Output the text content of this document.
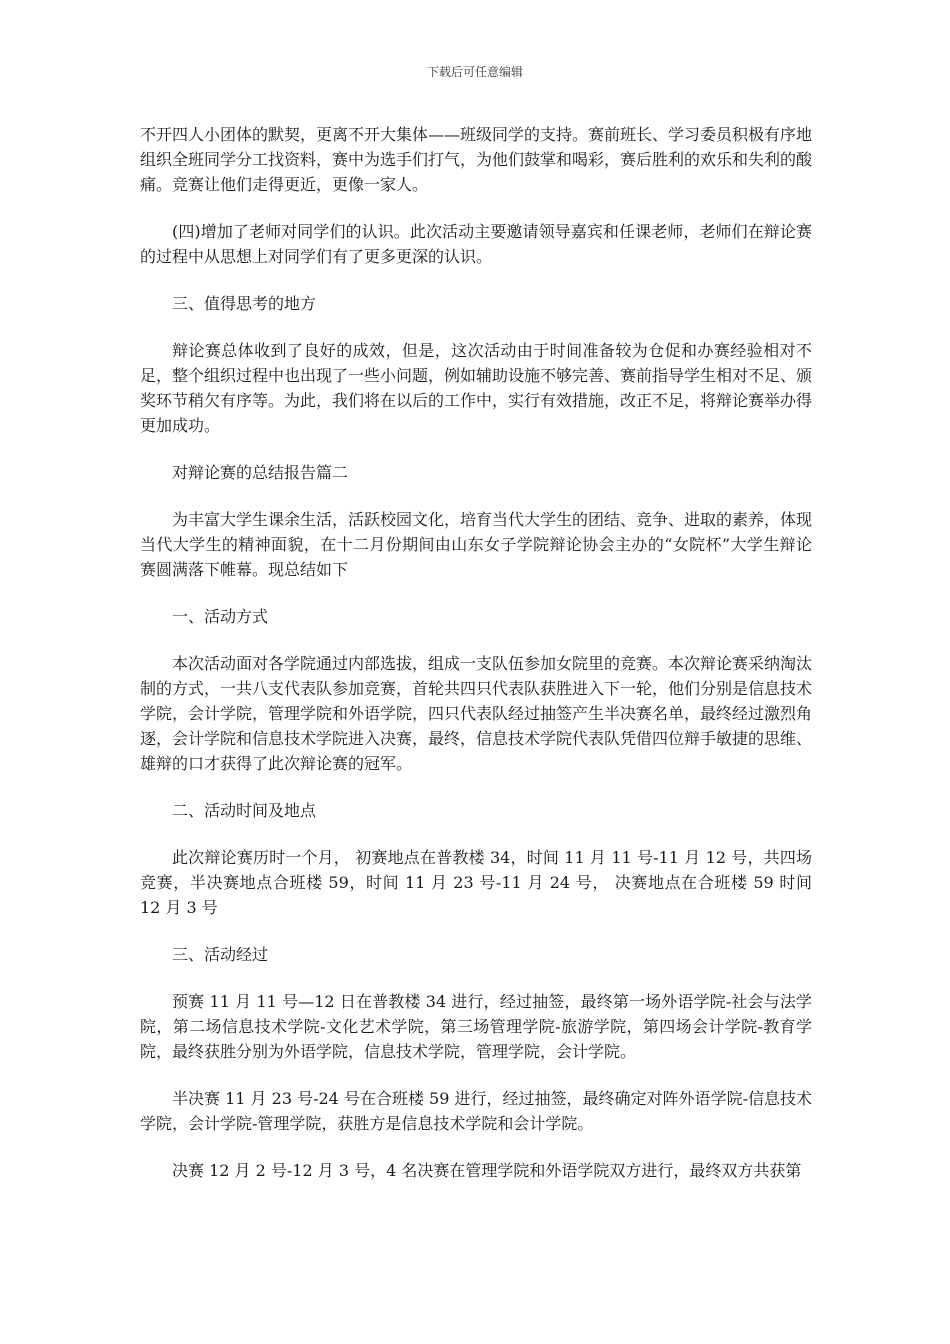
下载后可任意编辑

不开四人小团体的默契，更离不开大集体——班级同学的支持。赛前班长、学习委员积极有序地组织全班同学分工找资料，赛中为选手们打气，为他们鼓掌和喝彩，赛后胜利的欢乐和失利的酸痛。竞赛让他们走得更近，更像一家人。

(四)增加了老师对同学们的认识。此次活动主要邀请领导嘉宾和任课老师，老师们在辩论赛的过程中从思想上对同学们有了更多更深的认识。

三、值得思考的地方

辩论赛总体收到了良好的成效，但是，这次活动由于时间准备较为仓促和办赛经验相对不足，整个组织过程中也出现了一些小问题，例如辅助设施不够完善、赛前指导学生相对不足、颁奖环节稍欠有序等。为此，我们将在以后的工作中，实行有效措施，改正不足，将辩论赛举办得更加成功。

对辩论赛的总结报告篇二

为丰富大学生课余生活，活跃校园文化，培育当代大学生的团结、竞争、进取的素养，体现当代大学生的精神面貌，在十二月份期间由山东女子学院辩论协会主办的“女院杯”大学生辩论赛圆满落下帷幕。现总结如下

一、活动方式

本次活动面对各学院通过内部选拔，组成一支队伍参加女院里的竞赛。本次辩论赛采纳淘汰制的方式，一共八支代表队参加竞赛，首轮共四只代表队获胜进入下一轮，他们分别是信息技术学院，会计学院，管理学院和外语学院，四只代表队经过抽签产生半决赛名单，最终经过激烈角逐，会计学院和信息技术学院进入决赛，最终，信息技术学院代表队凭借四位辩手敏捷的思维、雄辩的口才获得了此次辩论赛的冠军。

二、活动时间及地点

此次辩论赛历时一个月， 初赛地点在普教楼 34，时间 11 月 11 号-11 月 12 号，共四场竞赛，半决赛地点合班楼 59，时间 11 月 23 号-11 月 24 号， 决赛地点在合班楼 59 时间 12 月 3 号

三、活动经过

预赛 11 月 11 号—12 日在普教楼 34 进行，经过抽签，最终第一场外语学院-社会与法学院，第二场信息技术学院-文化艺术学院，第三场管理学院-旅游学院，第四场会计学院-教育学院，最终获胜分别为外语学院，信息技术学院，管理学院，会计学院。

半决赛 11 月 23 号-24 号在合班楼 59 进行，经过抽签，最终确定对阵外语学院-信息技术学院，会计学院-管理学院，获胜方是信息技术学院和会计学院。

决赛 12 月 2 号-12 月 3 号，4 名决赛在管理学院和外语学院双方进行，最终双方共获第
